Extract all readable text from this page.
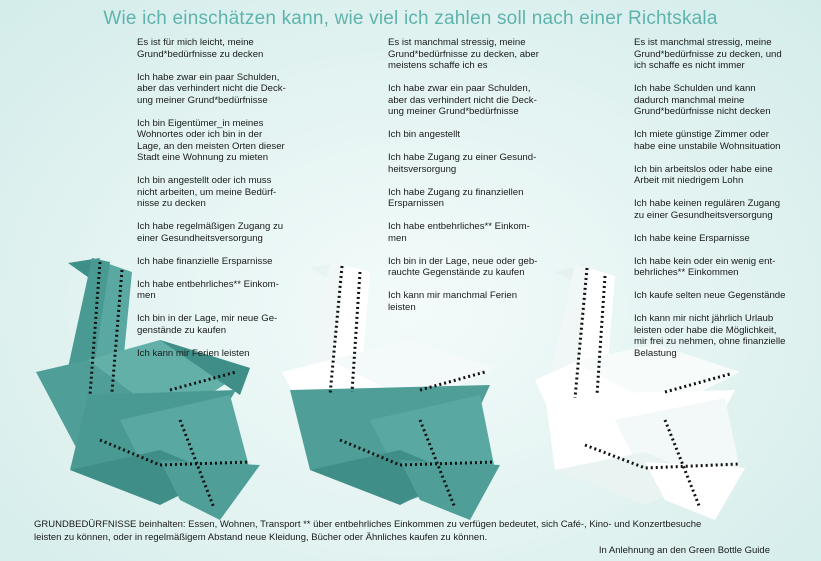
Wie ich einschätzen kann, wie viel ich zahlen soll nach einer Richtskala

Es ist für mich leicht, meine
Grund*bedürfnisse zu decken

Ich habe zwar ein paar Schulden,
aber das verhindert nicht die Deck-
ung meiner Grund*bedürfnisse

Ich bin Eigentümer_in meines
Wohnortes oder ich bin in der
Lage, an den meisten Orten dieser
Stadt eine Wohnung zu mieten

Ich bin angestellt oder ich muss
nicht arbeiten, um meine Bedürf-
nisse zu decken

Ich habe regelmäßigen Zugang zu
einer Gesundheitsversorgung

Ich habe finanzielle Ersparnisse

Ich habe entbehrliches** Einkom-
men

Ich bin in der Lage, mir neue Ge-
genstände zu kaufen

Ich kann mir Ferien leisten

Es ist manchmal stressig, meine
Grund*bedürfnisse zu decken, aber
meistens schaffe ich es

Ich habe zwar ein paar Schulden,
aber das verhindert nicht die Deck-
ung meiner Grund*bedürfnisse

Ich bin angestellt

Ich habe Zugang zu einer Gesund-
heitsversorgung

Ich habe Zugang zu finanziellen
Ersparnissen

Ich habe entbehrliches** Einkom-
men

Ich bin in der Lage, neue oder geb-
rauchte Gegenstände zu kaufen

Ich kann mir manchmal Ferien
leisten

Es ist manchmal stressig, meine
Grund*bedürfnisse zu decken, und
ich schaffe es nicht immer

Ich habe Schulden und kann
dadurch manchmal meine
Grund*bedürfnisse nicht decken

Ich miete günstige Zimmer oder
habe eine unstabile Wohnsituation

Ich bin arbeitslos oder habe eine
Arbeit mit niedrigem Lohn

Ich habe keinen regulären Zugang
zu einer Gesundheitsversorgung

Ich habe keine Ersparnisse

Ich habe kein oder ein wenig ent-
behrliches** Einkommen

Ich kaufe selten neue Gegenstände

Ich kann mir nicht jährlich Urlaub
leisten oder habe die Möglichkeit,
mir frei zu nehmen, ohne finanzielle
Belastung

GRUNDBEDÜRFNISSE beinhalten: Essen, Wohnen, Transport ** über entbehrliches Einkommen zu verfügen bedeutet, sich Café-, Kino- und Konzertbesuche
leisten zu können, oder in regelmäßigem Abstand neue Kleidung, Bücher oder Ähnliches kaufen zu können.
In Anlehnung an den Green Bottle Guide
